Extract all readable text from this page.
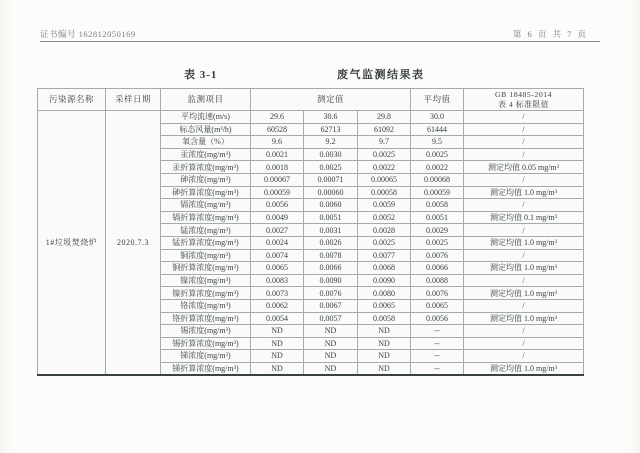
证书编号 162812050169	第 6 页 共 7 页
表 3-1	废气监测结果表
污染源名称	采样日期	监测项目	测定值			平均值	GB 18485-2014
表 4 标准限值

1#垃圾焚烧炉	2020.7.3	平均流速(m/s)	29.6	30.6	29.8	30.0	/
		标态风量(m³/h)	60528	62713	61092	61444	/
		氧含量（%）	9.6	9.2	9.7	9.5	/
		汞浓度(mg/m³)	0.0021	0.0030	0.0025	0.0025	/
		汞折算浓度(mg/m³)	0.0018	0.0025	0.0022	0.0022	测定均值 0.05 mg/m³
		砷浓度(mg/m³)	0.00067	0.00071	0.00065	0.00068	/
		砷折算浓度(mg/m³)	0.00059	0.00060	0.00058	0.00059	测定均值 1.0 mg/m³
		镉浓度(mg/m³)	0.0056	0.0060	0.0059	0.0058	/
		镉折算浓度(mg/m³)	0.0049	0.0051	0.0052	0.0051	测定均值 0.1 mg/m³
		锰浓度(mg/m³)	0.0027	0.0031	0.0028	0.0029	/
		锰折算浓度(mg/m³)	0.0024	0.0026	0.0025	0.0025	测定均值 1.0 mg/m³
		铜浓度(mg/m³)	0.0074	0.0078	0.0077	0.0076	/
		铜折算浓度(mg/m³)	0.0065	0.0066	0.0068	0.0066	测定均值 1.0 mg/m³
		镍浓度(mg/m³)	0.0083	0.0090	0.0090	0.0088	/
		镍折算浓度(mg/m³)	0.0073	0.0076	0.0080	0.0076	测定均值 1.0 mg/m³
		铬浓度(mg/m³)	0.0062	0.0067	0.0065	0.0065	/
		铬折算浓度(mg/m³)	0.0054	0.0057	0.0058	0.0056	测定均值 1.0 mg/m³
		锡浓度(mg/m³)	ND	ND	ND	--	/
		锡折算浓度(mg/m³)	ND	ND	ND	--	/
		锑浓度(mg/m³)	ND	ND	ND	--	/
		锑折算浓度(mg/m³)	ND	ND	ND	--	测定均值 1.0 mg/m³
